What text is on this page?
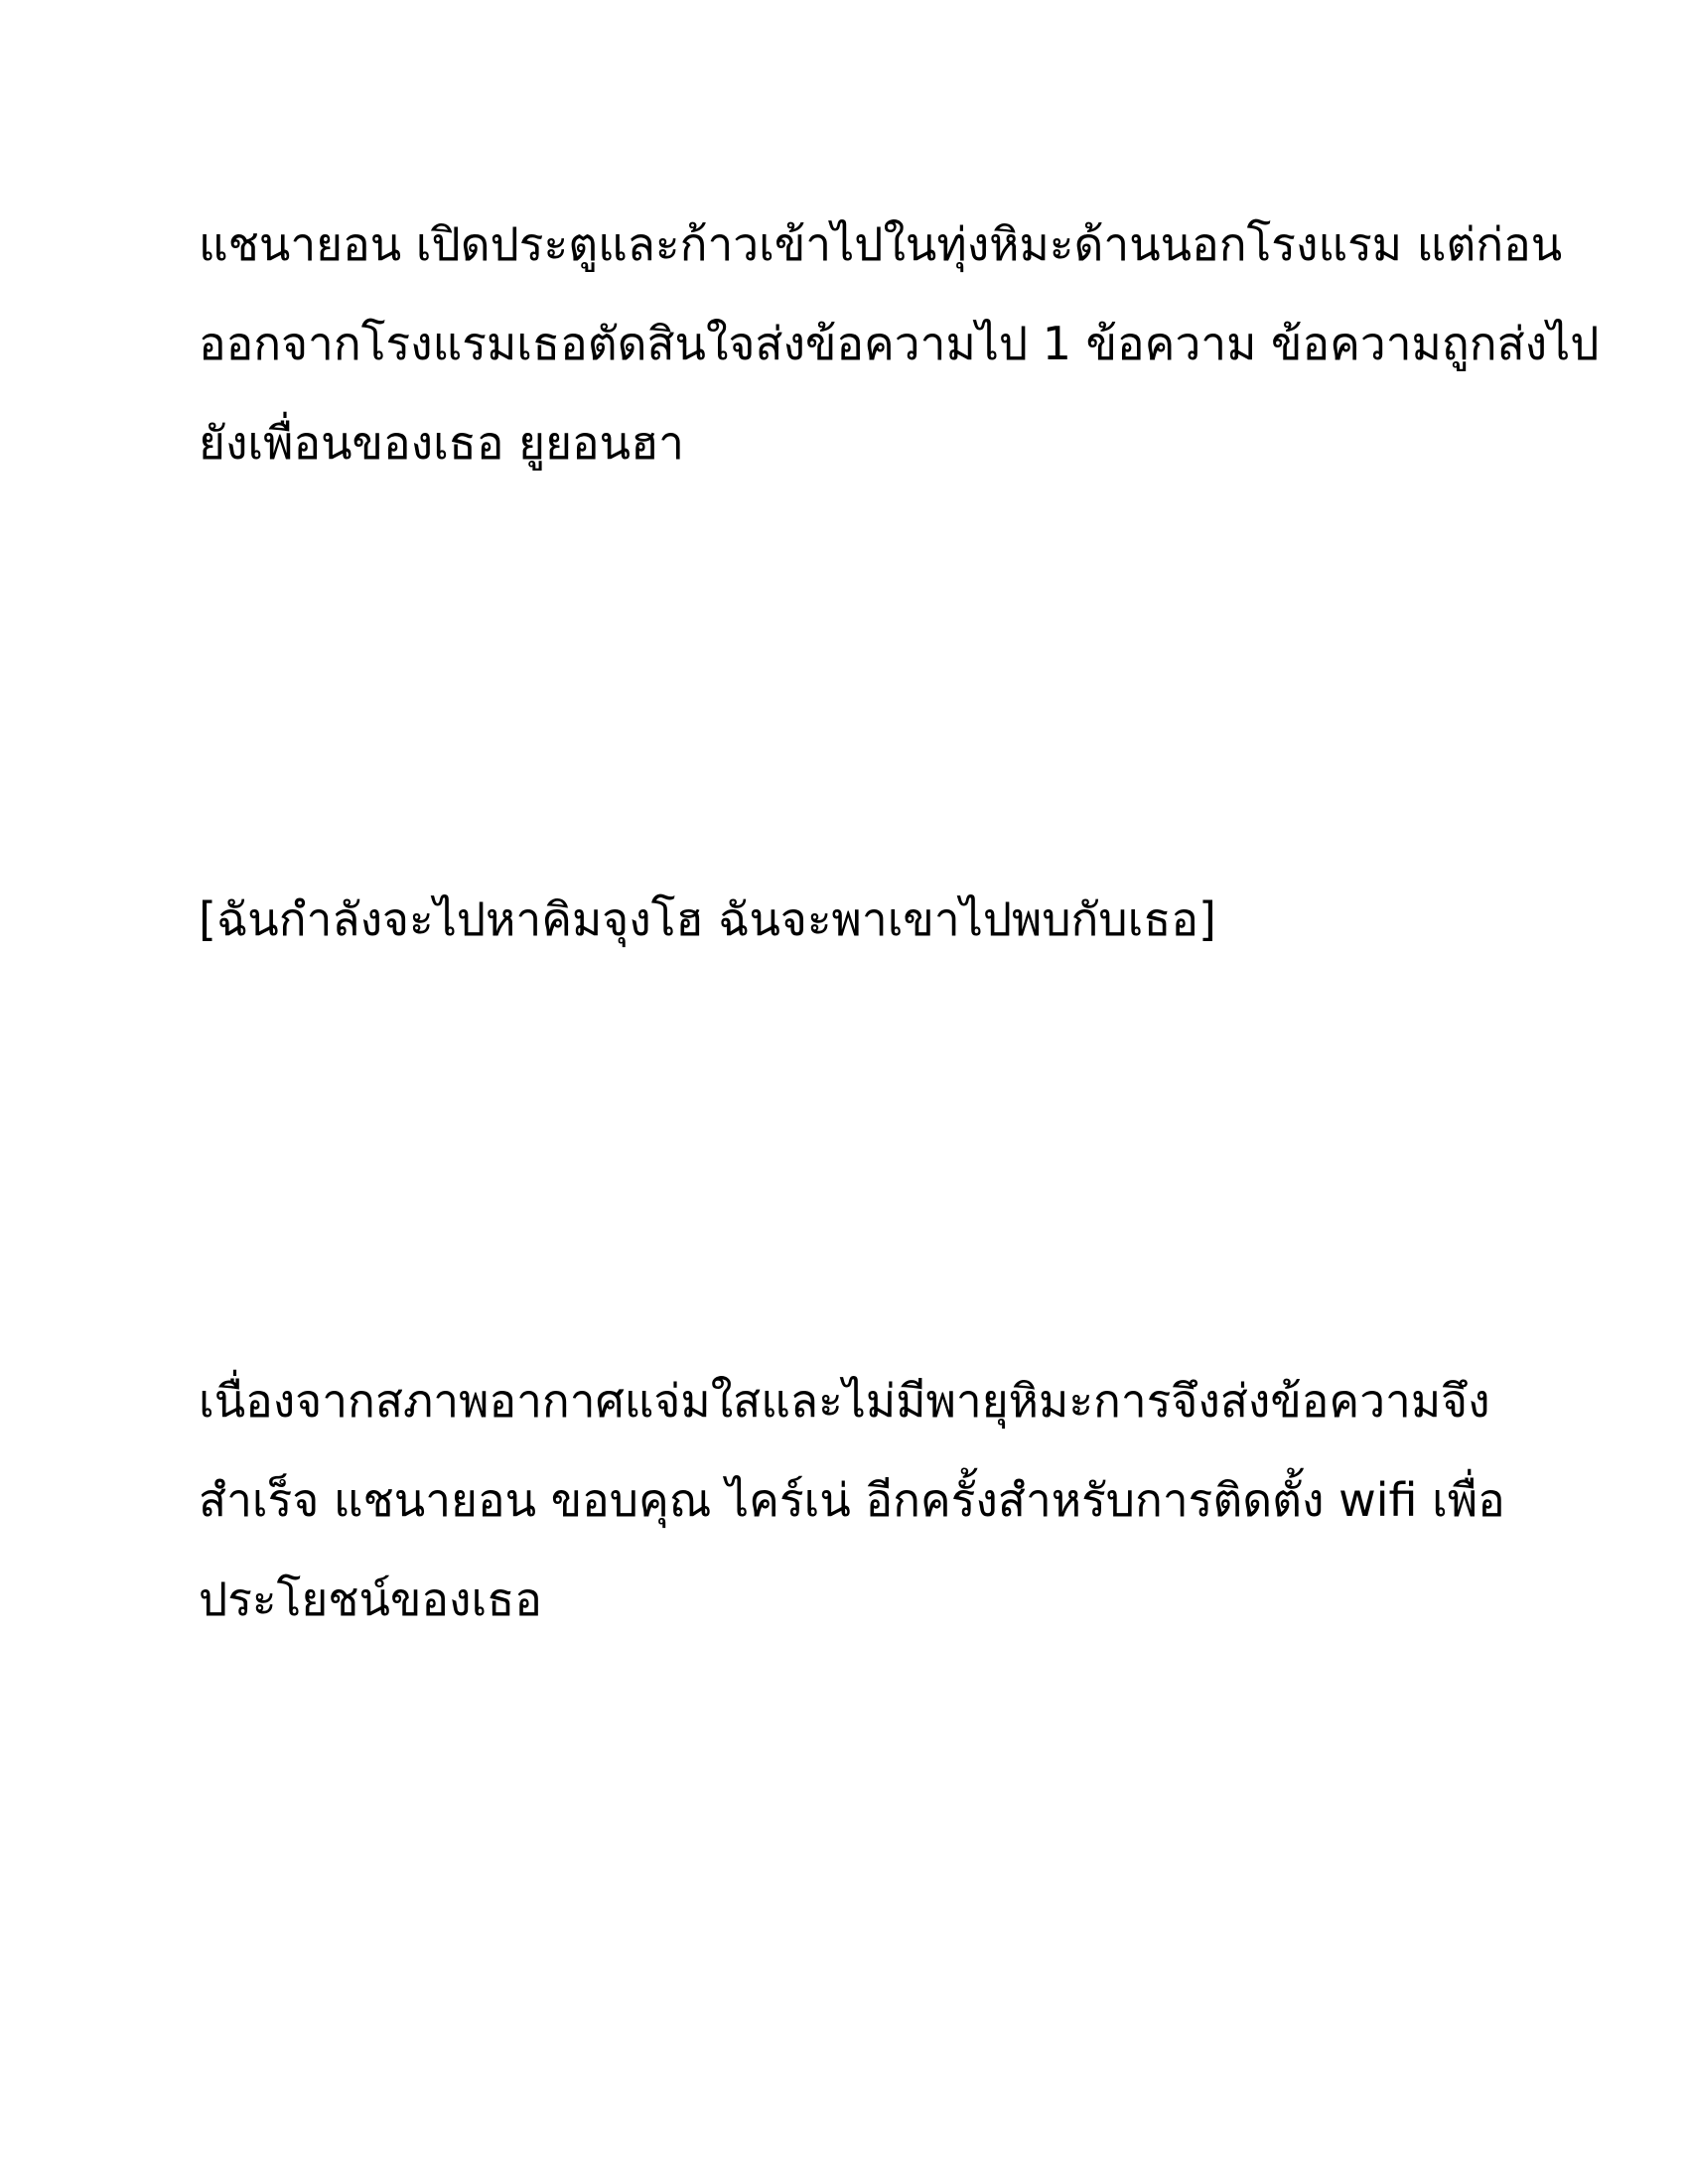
แชนายอน เปิดประตูและก้าวเข้าไปในทุ่งหิมะด้านนอกโรงแรม แต่ก่อน
ออกจากโรงแรมเธอตัดสินใจส่งข้อความไป 1 ข้อความ ข้อความถูกส่งไป
ยังเพื่อนของเธอ ยูยอนฮา
[ฉันกำลังจะไปหาคิมจุงโฮ ฉันจะพาเขาไปพบกับเธอ]
เนื่องจากสภาพอากาศแจ่มใสและไม่มีพายุหิมะการจึงส่งข้อความจึง
สำเร็จ แชนายอน ขอบคุณ ไคร์เน่ อีกครั้งสำหรับการติดตั้ง wifi เพื่อ
ประโยชน์ของเธอ
